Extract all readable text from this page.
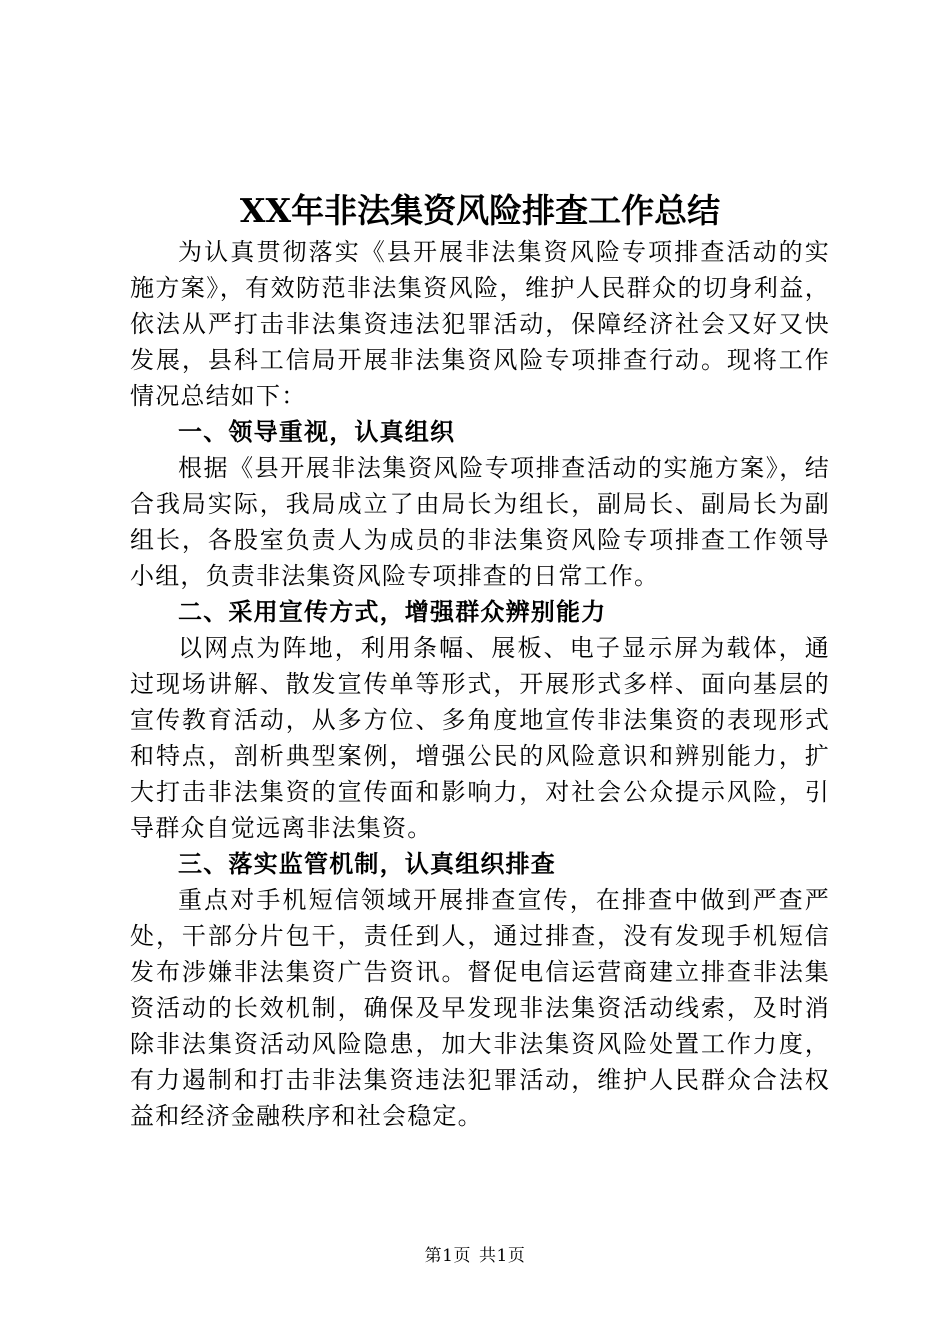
XX年非法集资风险排查工作总结

为认真贯彻落实《县开展非法集资风险专项排查活动的实施方案》，有效防范非法集资风险，维护人民群众的切身利益，依法从严打击非法集资违法犯罪活动，保障经济社会又好又快发展，县科工信局开展非法集资风险专项排查行动。现将工作情况总结如下：

一、领导重视，认真组织

根据《县开展非法集资风险专项排查活动的实施方案》，结合我局实际，我局成立了由局长为组长，副局长、副局长为副组长，各股室负责人为成员的非法集资风险专项排查工作领导小组，负责非法集资风险专项排查的日常工作。

二、采用宣传方式，增强群众辨别能力

以网点为阵地，利用条幅、展板、电子显示屏为载体，通过现场讲解、散发宣传单等形式，开展形式多样、面向基层的宣传教育活动，从多方位、多角度地宣传非法集资的表现形式和特点，剖析典型案例，增强公民的风险意识和辨别能力，扩大打击非法集资的宣传面和影响力，对社会公众提示风险，引导群众自觉远离非法集资。

三、落实监管机制，认真组织排查

重点对手机短信领域开展排查宣传，在排查中做到严查严处，干部分片包干，责任到人，通过排查，没有发现手机短信发布涉嫌非法集资广告资讯。督促电信运营商建立排查非法集资活动的长效机制，确保及早发现非法集资活动线索，及时消除非法集资活动风险隐患，加大非法集资风险处置工作力度，有力遏制和打击非法集资违法犯罪活动，维护人民群众合法权益和经济金融秩序和社会稳定。

第1页 共1页
